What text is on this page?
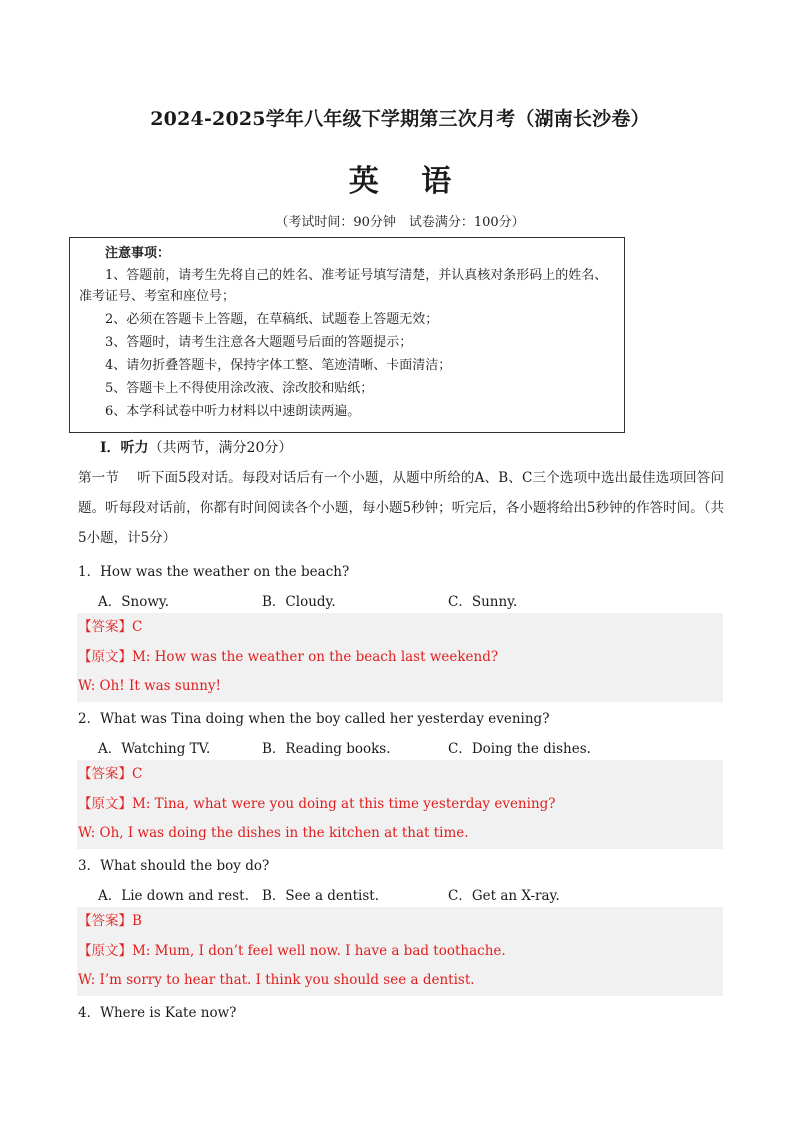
2024-2025学年八年级下学期第三次月考（湖南长沙卷）
英 语
（考试时间：90分钟　试卷满分：100分）
注意事项：
1、答题前，请考生先将自己的姓名、准考证号填写清楚，并认真核对条形码上的姓名、准考证号、考室和座位号；
2、必须在答题卡上答题，在草稿纸、试题卷上答题无效；
3、答题时，请考生注意各大题题号后面的答题提示；
4、请勿折叠答题卡，保持字体工整、笔迹清晰、卡面清洁；
5、答题卡上不得使用涂改液、涂改胶和贴纸；
6、本学科试卷中听力材料以中速朗读两遍。
I．听力（共两节，满分20分）
第一节　 听下面5段对话。每段对话后有一个小题，从题中所给的A、B、C三个选项中选出最佳选项回答问题。听每段对话前，你都有时间阅读各个小题，每小题5秒钟；听完后，各小题将给出5秒钟的作答时间。（共5小题，计5分）
1．How was the weather on the beach?
A．Snowy.	B．Cloudy.	C．Sunny.
【答案】C
【原文】M: How was the weather on the beach last weekend?
W: Oh! It was sunny!
2．What was Tina doing when the boy called her yesterday evening?
A．Watching TV.	B．Reading books.	C．Doing the dishes.
【答案】C
【原文】M: Tina, what were you doing at this time yesterday evening?
W: Oh, I was doing the dishes in the kitchen at that time.
3．What should the boy do?
A．Lie down and rest. B．See a dentist.	C．Get an X-ray.
【答案】B
【原文】M: Mum, I don’t feel well now. I have a bad toothache.
W: I’m sorry to hear that. I think you should see a dentist.
4．Where is Kate now?
